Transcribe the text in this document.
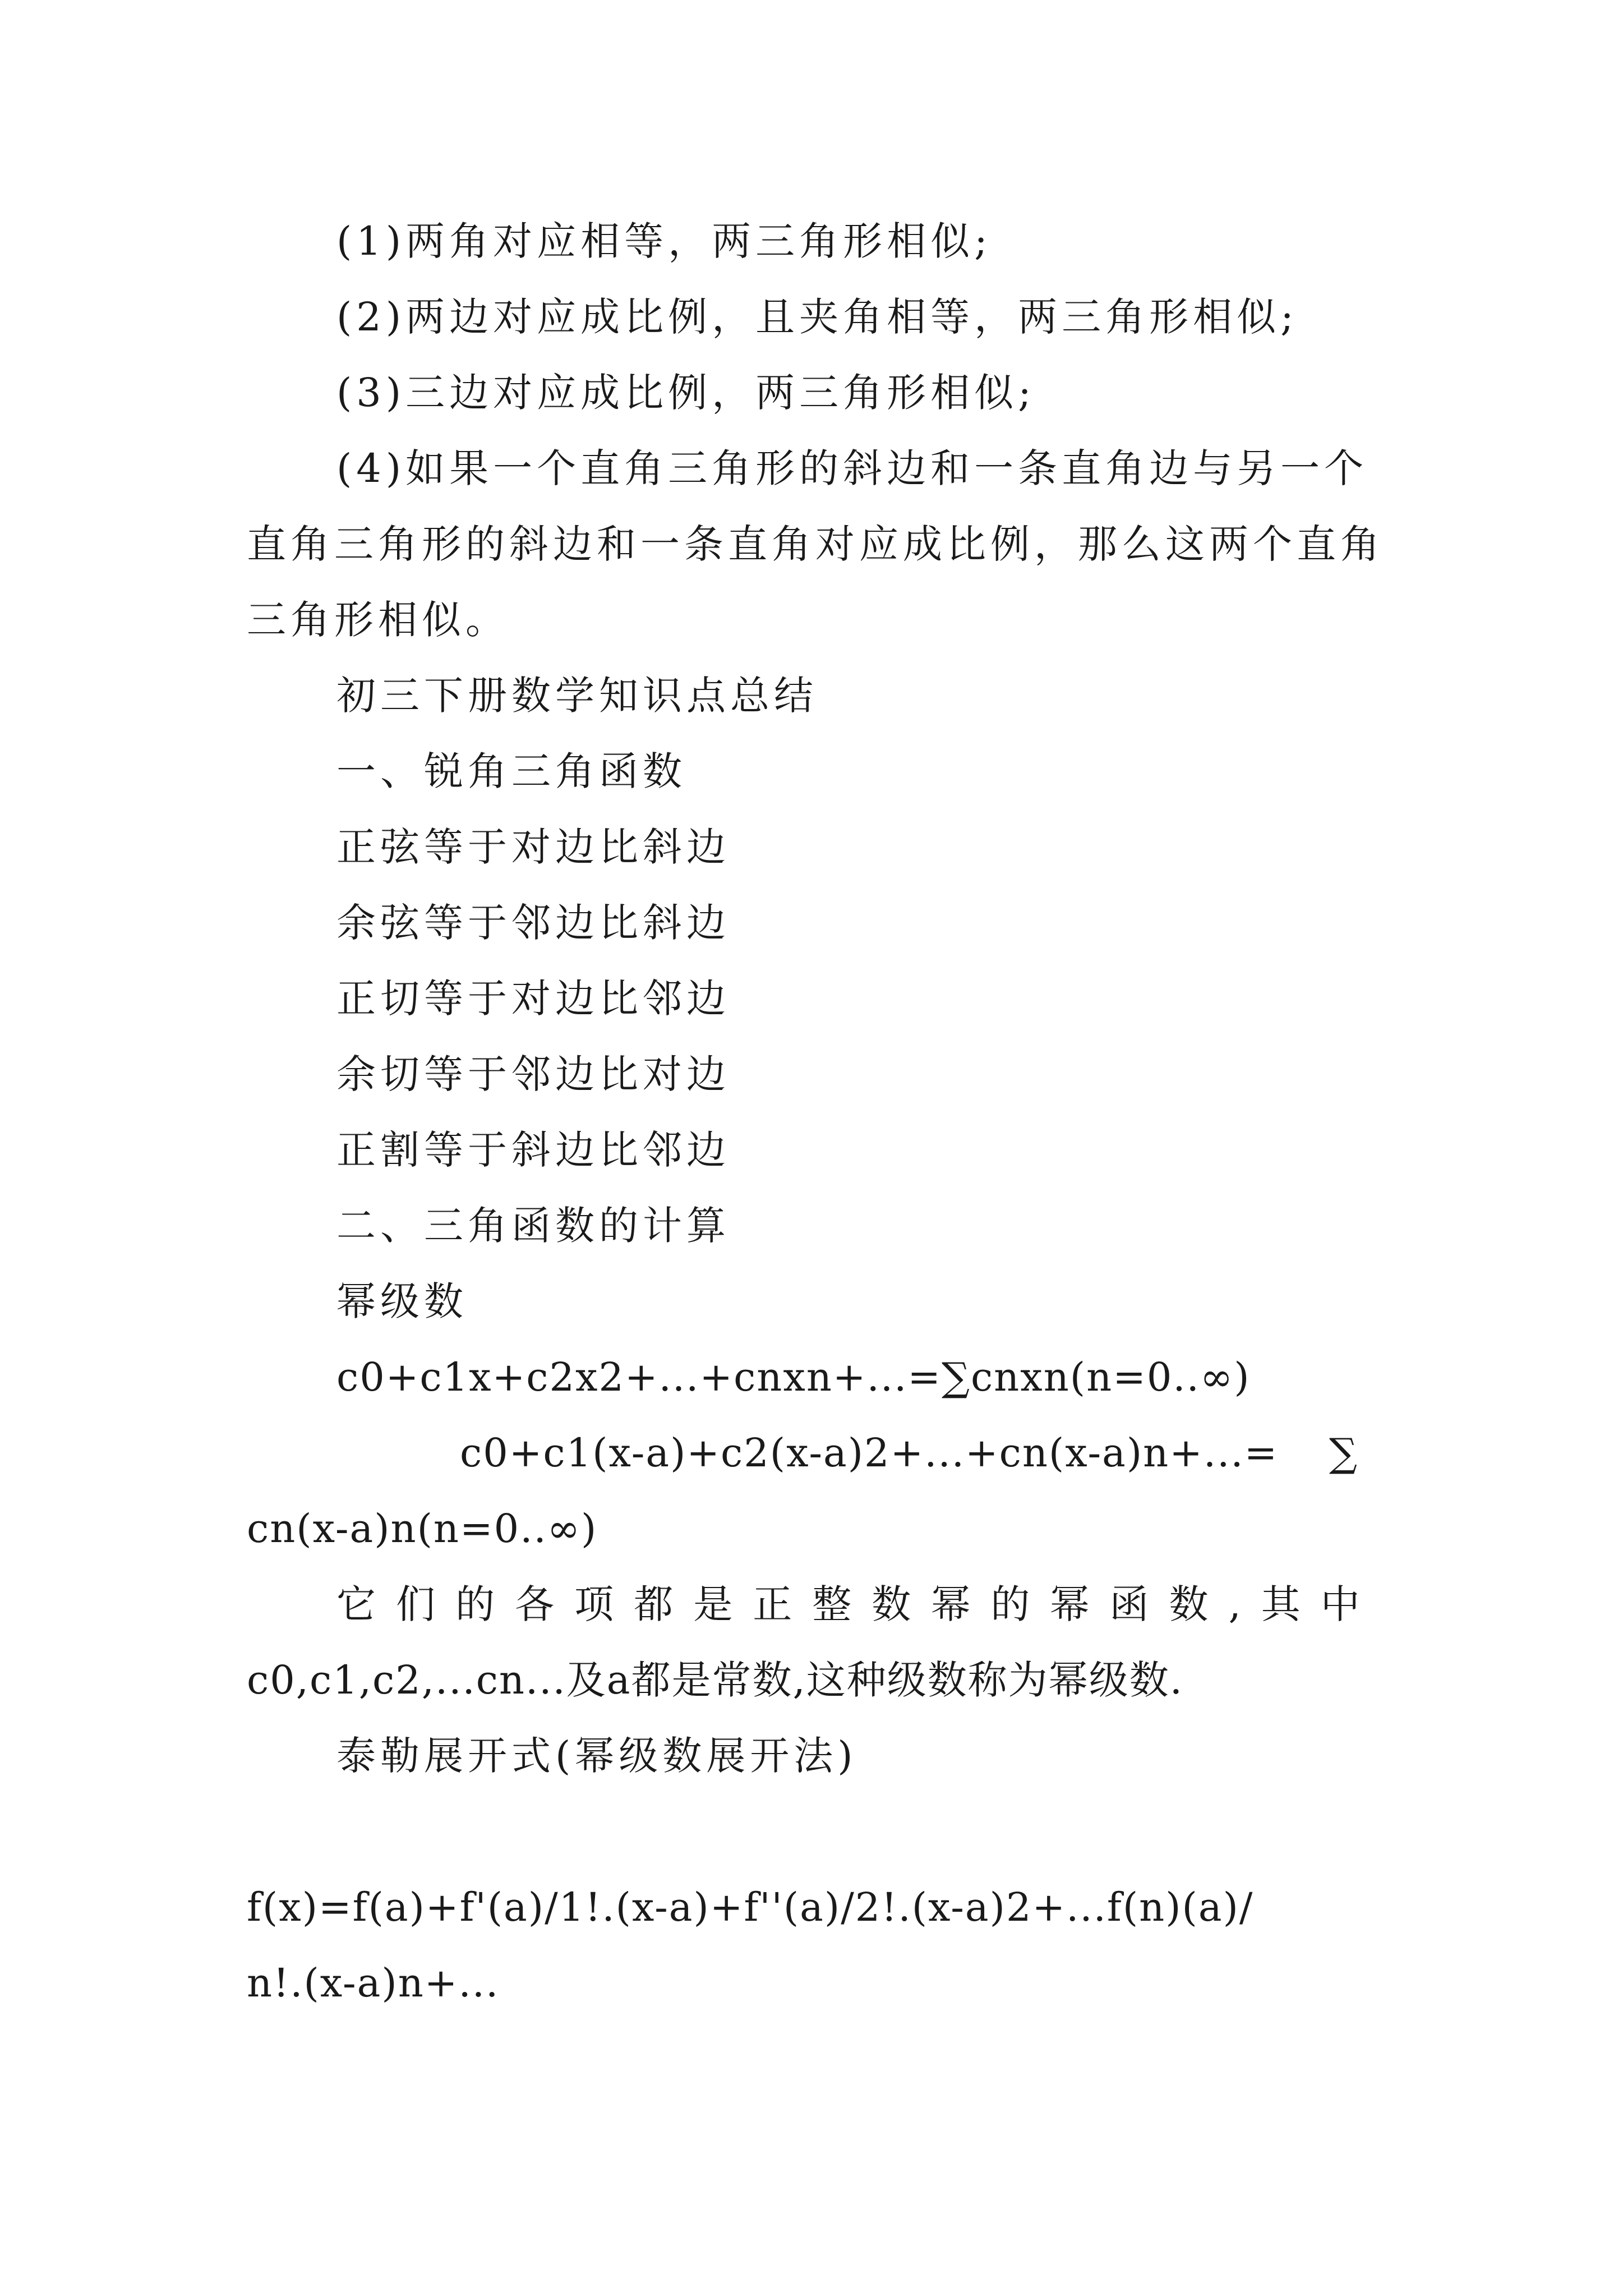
(1)两角对应相等，两三角形相似;
(2)两边对应成比例，且夹角相等，两三角形相似;
(3)三边对应成比例，两三角形相似;
(4)如果一个直角三角形的斜边和一条直角边与另一个
直角三角形的斜边和一条直角对应成比例，那么这两个直角
三角形相似。
初三下册数学知识点总结
一、锐角三角函数
正弦等于对边比斜边
余弦等于邻边比斜边
正切等于对边比邻边
余切等于邻边比对边
正割等于斜边比邻边
二、三角函数的计算
幂级数
c0+c1x+c2x2+...+cnxn+...=∑cnxn(n=0..∞)
c0+c1(x-a)+c2(x-a)2+...+cn(x-a)n+...= ∑
cn(x-a)n(n=0..∞)
它 们 的 各 项 都 是 正 整 数 幂 的 幂 函 数 , 其 中
c0,c1,c2,...cn...及a都是常数,这种级数称为幂级数.
泰勒展开式(幂级数展开法)
f(x)=f(a)+f'(a)/1!.(x-a)+f''(a)/2!.(x-a)2+...f(n)(a)/
n!.(x-a)n+...
